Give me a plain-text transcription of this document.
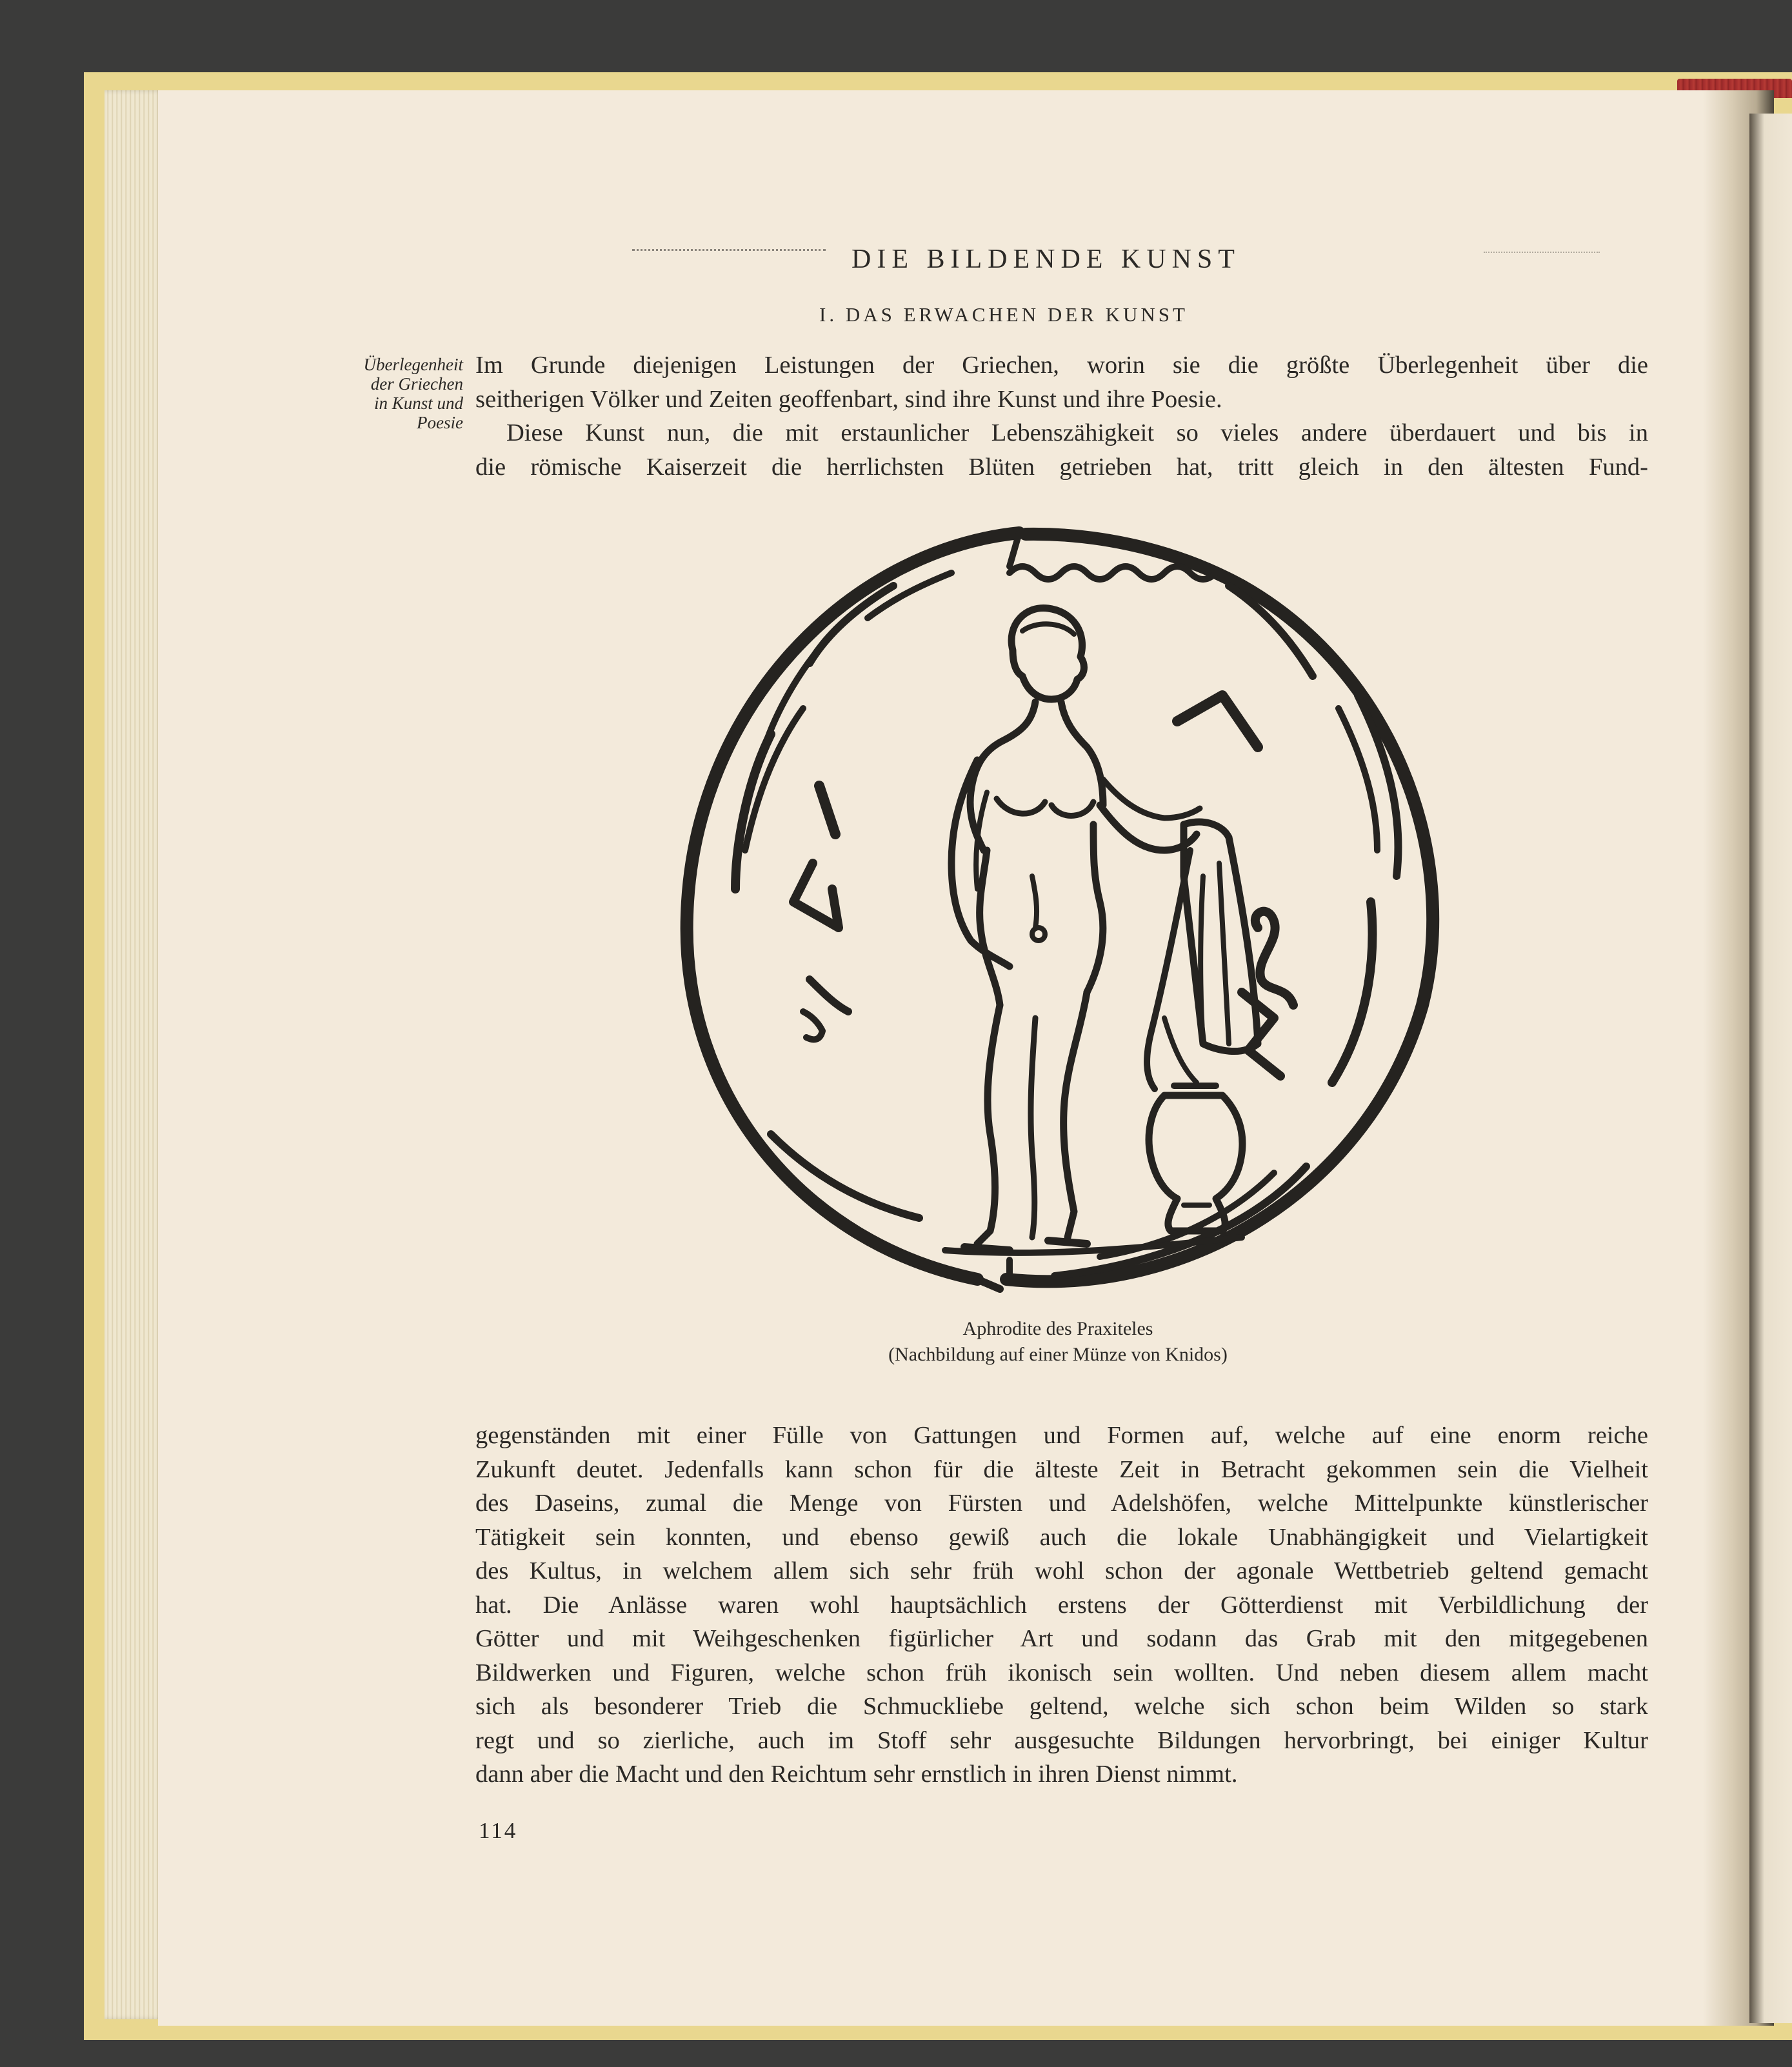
DIE BILDENDE KUNST
I. DAS ERWACHEN DER KUNST
Überlegenheit
der Griechen
in Kunst und
Poesie
Im Grunde diejenigen Leistungen der Griechen, worin sie die größte Überlegenheit über die
seitherigen Völker und Zeiten geoffenbart, sind ihre Kunst und ihre Poesie.
Diese Kunst nun, die mit erstaunlicher Lebenszähigkeit so vieles andere überdauert und bis in
die römische Kaiserzeit die herrlichsten Blüten getrieben hat, tritt gleich in den ältesten Fund-
Aphrodite des Praxiteles
(Nachbildung auf einer Münze von Knidos)
gegenständen mit einer Fülle von Gattungen und Formen auf, welche auf eine enorm reiche
Zukunft deutet. Jedenfalls kann schon für die älteste Zeit in Betracht gekommen sein die Vielheit
des Daseins, zumal die Menge von Fürsten und Adelshöfen, welche Mittelpunkte künstlerischer
Tätigkeit sein konnten, und ebenso gewiß auch die lokale Unabhängigkeit und Vielartigkeit
des Kultus, in welchem allem sich sehr früh wohl schon der agonale Wettbetrieb geltend gemacht
hat. Die Anlässe waren wohl hauptsächlich erstens der Götterdienst mit Verbildlichung der
Götter und mit Weihgeschenken figürlicher Art und sodann das Grab mit den mitgegebenen
Bildwerken und Figuren, welche schon früh ikonisch sein wollten. Und neben diesem allem macht
sich als besonderer Trieb die Schmuckliebe geltend, welche sich schon beim Wilden so stark
regt und so zierliche, auch im Stoff sehr ausgesuchte Bildungen hervorbringt, bei einiger Kultur
dann aber die Macht und den Reichtum sehr ernstlich in ihren Dienst nimmt.
114
